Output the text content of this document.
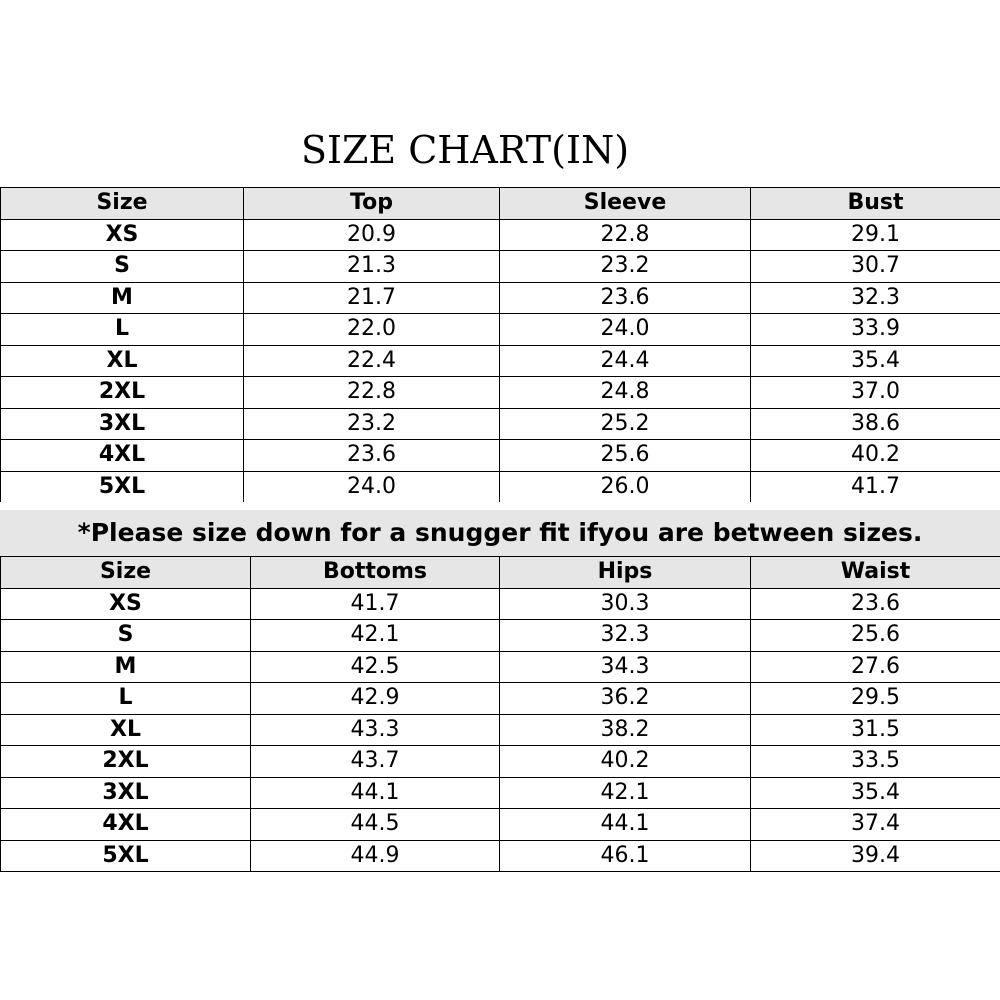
SIZE CHART(IN)
Size	Top	Sleeve	Bust
XS	20.9	22.8	29.1
S	21.3	23.2	30.7
M	21.7	23.6	32.3
L	22.0	24.0	33.9
XL	22.4	24.4	35.4
2XL	22.8	24.8	37.0
3XL	23.2	25.2	38.6
4XL	23.6	25.6	40.2
5XL	24.0	26.0	41.7
*Please size down for a snugger fit ifyou are between sizes.
Size	Bottoms	Hips	Waist
XS	41.7	30.3	23.6
S	42.1	32.3	25.6
M	42.5	34.3	27.6
L	42.9	36.2	29.5
XL	43.3	38.2	31.5
2XL	43.7	40.2	33.5
3XL	44.1	42.1	35.4
4XL	44.5	44.1	37.4
5XL	44.9	46.1	39.4
